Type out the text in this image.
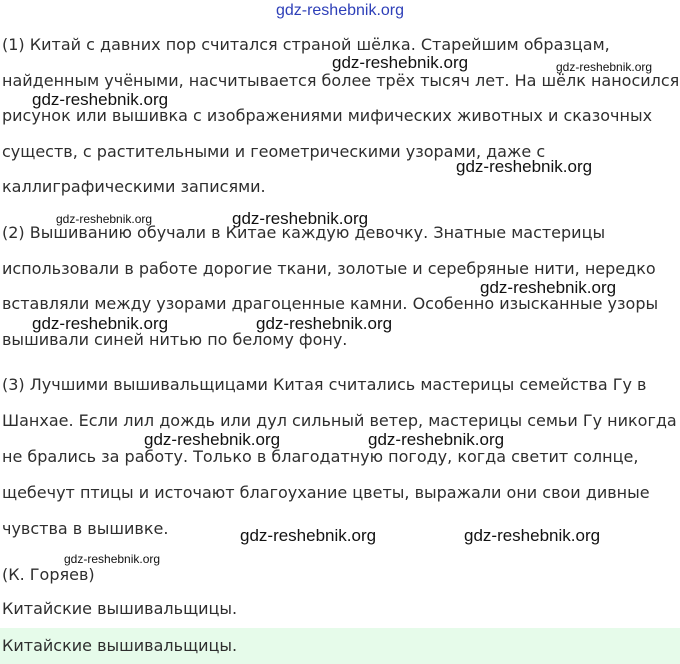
gdz-reshebnik.org
(1) Китай с давних пор считался страной шёлка. Старейшим образцам,
найденным учёными, насчитывается более трёх тысяч лет. На шёлк наносился
рисунок или вышивка с изображениями мифических животных и сказочных
существ, с растительными и геометрическими узорами, даже с
каллиграфическими записями.
(2) Вышиванию обучали в Китае каждую девочку. Знатные мастерицы
использовали в работе дорогие ткани, золотые и серебряные нити, нередко
вставляли между узорами драгоценные камни. Особенно изысканные узоры
вышивали синей нитью по белому фону.
(3) Лучшими вышивальщицами Китая считались мастерицы семейства Гу в
Шанхае. Если лил дождь или дул сильный ветер, мастерицы семьи Гу никогда
не брались за работу. Только в благодатную погоду, когда светит солнце,
щебечут птицы и источают благоухание цветы, выражали они свои дивные
чувства в вышивке.
(К. Горяев)
Китайские вышивальщицы.
Китайские вышивальщицы.
gdz-reshebnik.org	gdz-reshebnik.org
gdz-reshebnik.org
gdz-reshebnik.org
gdz-reshebnik.org	gdz-reshebnik.org
gdz-reshebnik.org
gdz-reshebnik.org	gdz-reshebnik.org
gdz-reshebnik.org	gdz-reshebnik.org
gdz-reshebnik.org	gdz-reshebnik.org
gdz-reshebnik.org
